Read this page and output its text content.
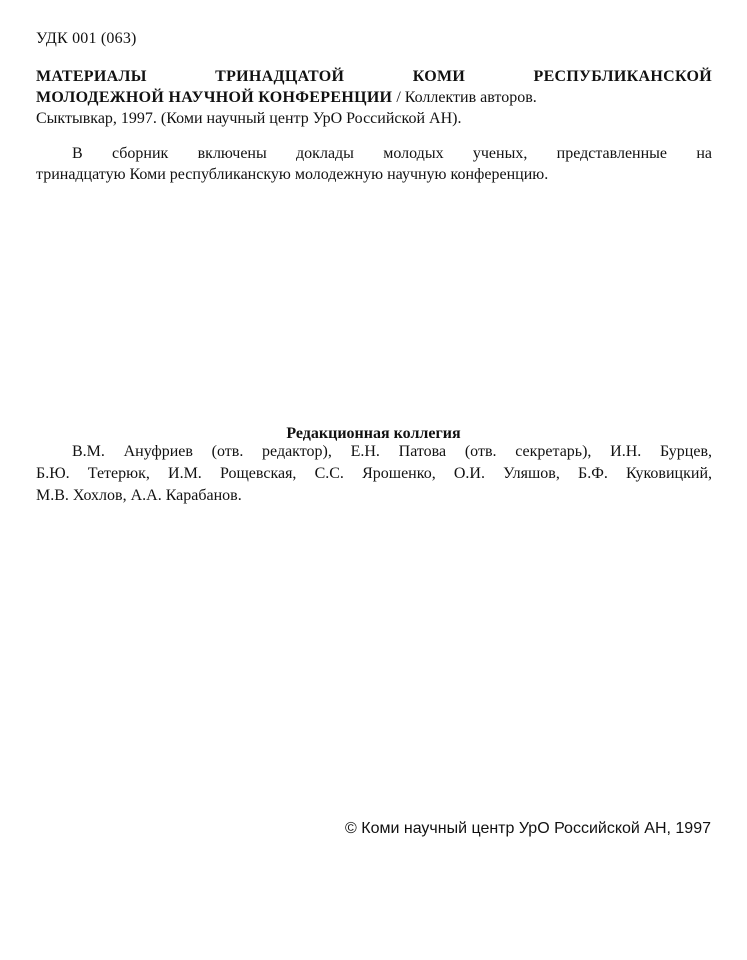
УДК 001 (063)
МАТЕРИАЛЫ ТРИНАДЦАТОЙ КОМИ РЕСПУБЛИКАНСКОЙ
МОЛОДЕЖНОЙ НАУЧНОЙ КОНФЕРЕНЦИИ / Коллектив авторов.
Сыктывкар, 1997. (Коми научный центр УрО Российской АН).
В сборник включены доклады молодых ученых, представленные на
тринадцатую Коми республиканскую молодежную научную конференцию.
Редакционная коллегия
В.М. Ануфриев (отв. редактор), Е.Н. Патова (отв. секретарь), И.Н. Бурцев,
Б.Ю. Тетерюк, И.М. Рощевская, С.С. Ярошенко, О.И. Уляшов, Б.Ф. Куковицкий,
М.В. Хохлов, А.А. Карабанов.
© Коми научный центр УрО Российской АН, 1997
